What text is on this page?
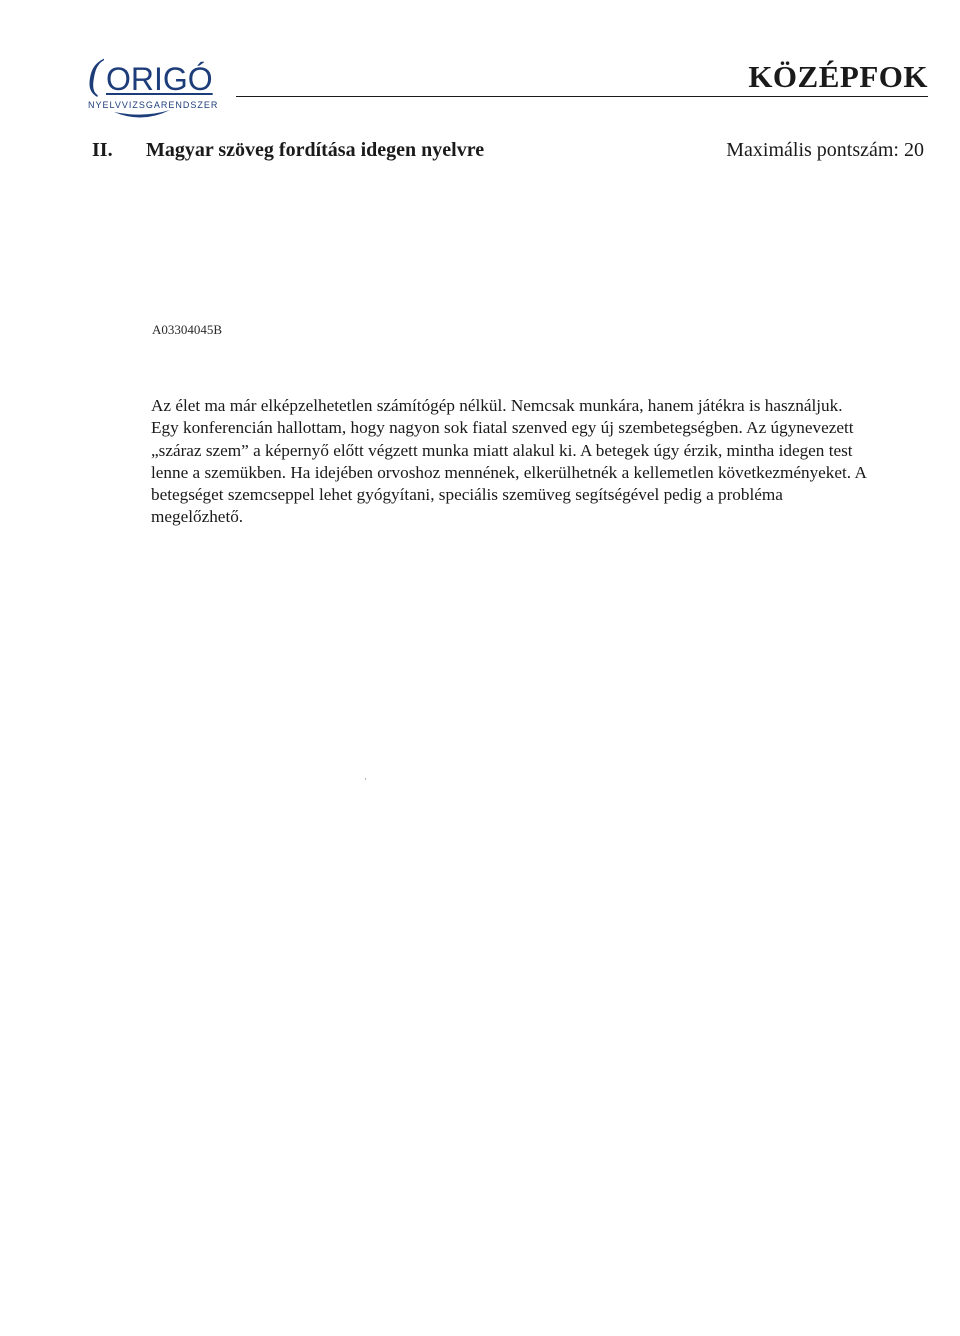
( ORIGÓ
NYELVVIZSGARENDSZER
KÖZÉPFOK
II. Magyar szöveg fordítása idegen nyelvre	Maximális pontszám: 20
A03304045B

Az élet ma már elképzelhetetlen számítógép nélkül. Nemcsak munkára, hanem játékra is használjuk. Egy konferencián hallottam, hogy nagyon sok fiatal szenved egy új szembetegségben. Az úgynevezett „száraz szem” a képernyő előtt végzett munka miatt alakul ki. A betegek úgy érzik, mintha idegen test lenne a szemükben. Ha idejében orvoshoz mennének, elkerülhetnék a kellemetlen következményeket. A betegséget szemcseppel lehet gyógyítani, speciális szemüveg segítségével pedig a probléma megelőzhető.

·
